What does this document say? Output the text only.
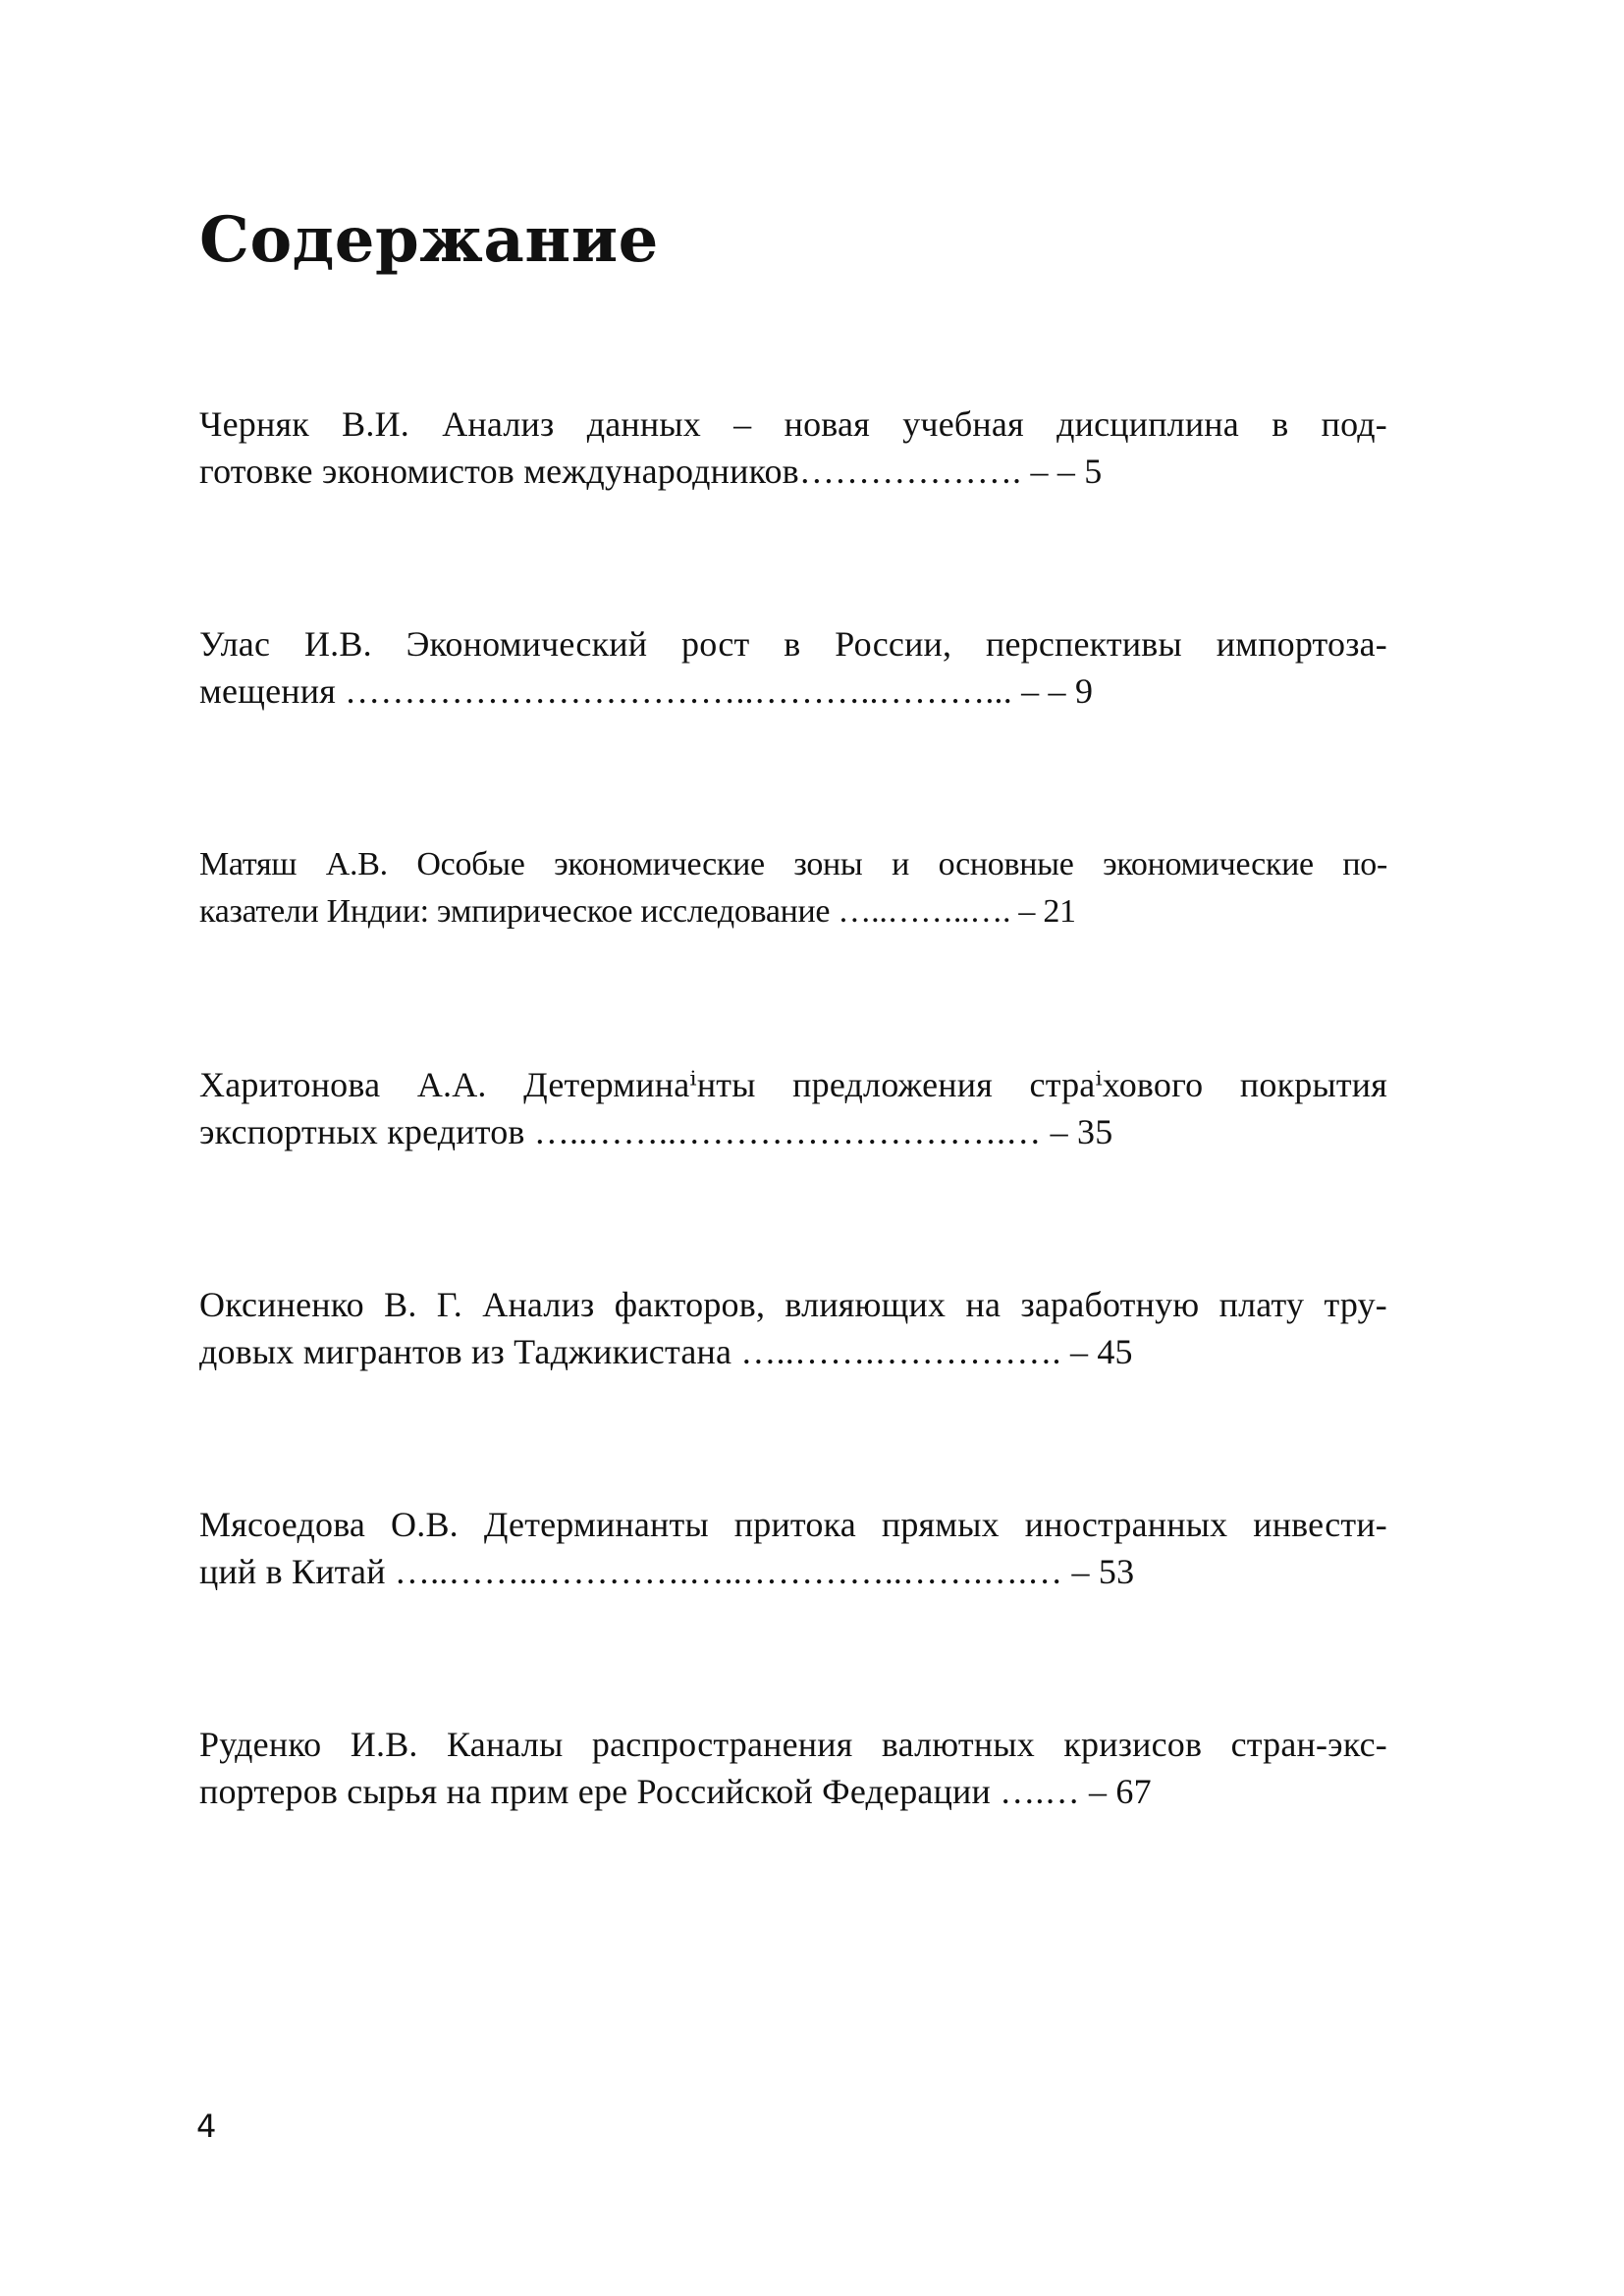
Содержание
Черняк В.И. Анализ данных – новая учебная дисциплина в под-
готовке экономистов международников………………. – – 5
Улас И.В. Экономический рост в России, перспективы импортоза-
мещения ……………………………..………..………... – – 9
Матяш А.В. Особые экономические зоны и основные экономические по-
казатели Индии: эмпирическое исследование …..……..…. – 21
Харитонова А.А. Детерминаⁱнты предложения страⁱхового покрытия
экспортных кредитов …..……..……………………….… – 35
Оксиненко В. Г. Анализ факторов, влияющих на заработную плату тру-
довых мигрантов из Таджикистана …..…….……………. – 45
Мясоедова О.В. Детерминанты притока прямых иностранных инвести-
ций в Китай …..……..………….…..…………..…….….… – 53
Руденко И.В. Каналы распространения валютных кризисов стран-экс-
портеров сырья на прим ере Российской Федерации ….… – 67
4
